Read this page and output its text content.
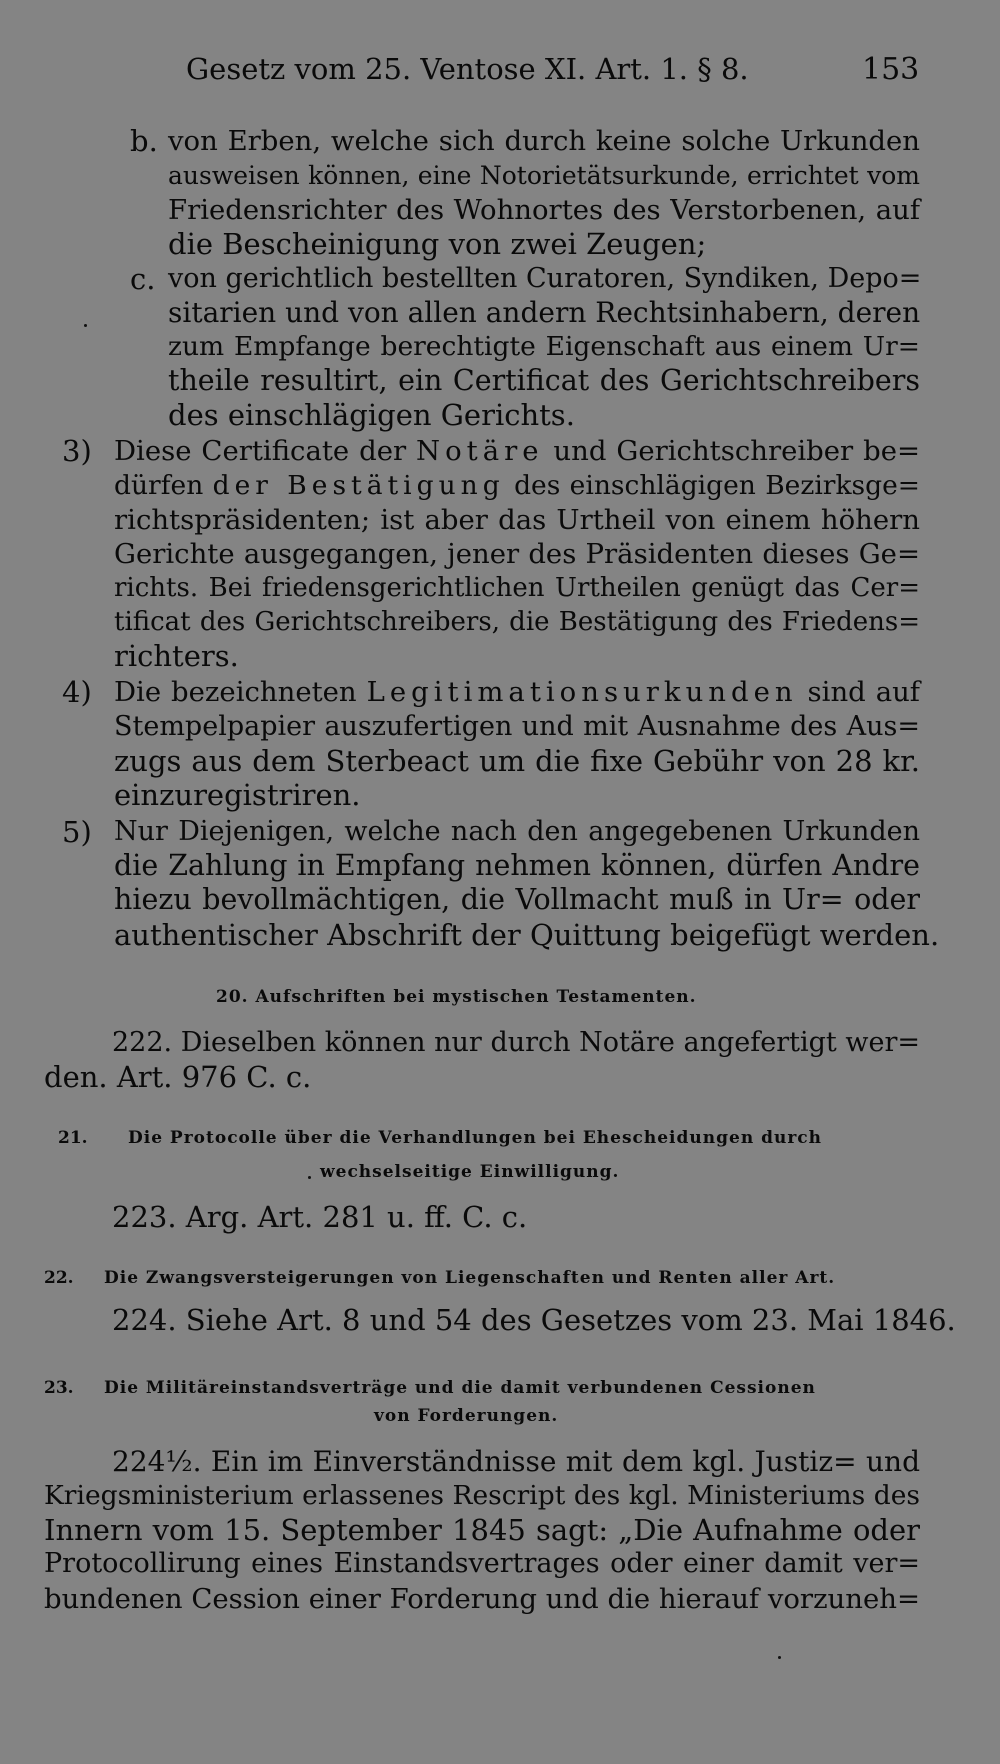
Gesetz vom 25. Ventose XI. Art. 1. § 8.	153
b. von Erben, welche sich durch keine solche Urkunden
ausweisen können, eine Notorietätsurkunde, errichtet vom
Friedensrichter des Wohnortes des Verstorbenen, auf
die Bescheinigung von zwei Zeugen;
c. von gerichtlich bestellten Curatoren, Syndiken, Depo=
sitarien und von allen andern Rechtsinhabern, deren
zum Empfange berechtigte Eigenschaft aus einem Ur=
theile resultirt, ein Certificat des Gerichtschreibers
des einschlägigen Gerichts.
3) Diese Certificate der Notäre und Gerichtschreiber be=
dürfen der Bestätigung des einschlägigen Bezirksge=
richtspräsidenten; ist aber das Urtheil von einem höhern
Gerichte ausgegangen, jener des Präsidenten dieses Ge=
richts. Bei friedensgerichtlichen Urtheilen genügt das Cer=
tificat des Gerichtschreibers, die Bestätigung des Friedens=
richters.
4) Die bezeichneten Legitimationsurkunden sind auf
Stempelpapier auszufertigen und mit Ausnahme des Aus=
zugs aus dem Sterbeact um die fixe Gebühr von 28 kr.
einzuregistriren.
5) Nur Diejenigen, welche nach den angegebenen Urkunden
die Zahlung in Empfang nehmen können, dürfen Andre
hiezu bevollmächtigen, die Vollmacht muß in Ur= oder
authentischer Abschrift der Quittung beigefügt werden.
20. Aufschriften bei mystischen Testamenten.
222. Dieselben können nur durch Notäre angefertigt wer=
den. Art. 976 C. c.
21. Die Protocolle über die Verhandlungen bei Ehescheidungen durch
wechselseitige Einwilligung.
223. Arg. Art. 281 u. ff. C. c.
22. Die Zwangsversteigerungen von Liegenschaften und Renten aller Art.
224. Siehe Art. 8 und 54 des Gesetzes vom 23. Mai 1846.
23. Die Militäreinstandsverträge und die damit verbundenen Cessionen
von Forderungen.
224½. Ein im Einverständnisse mit dem kgl. Justiz= und
Kriegsministerium erlassenes Rescript des kgl. Ministeriums des
Innern vom 15. September 1845 sagt: „Die Aufnahme oder
Protocollirung eines Einstandsvertrages oder einer damit ver=
bundenen Cession einer Forderung und die hierauf vorzuneh=
